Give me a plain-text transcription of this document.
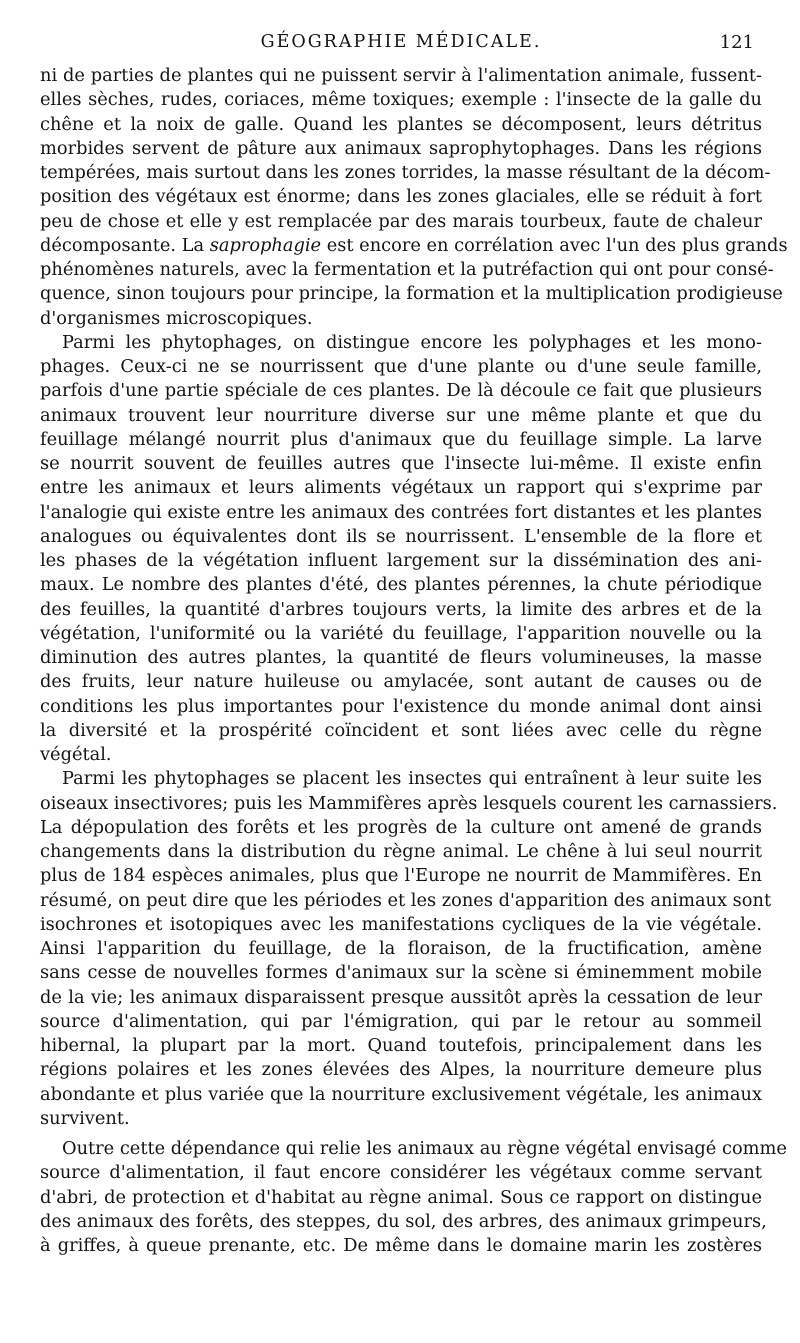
GÉOGRAPHIE MÉDICALE.	121
ni de parties de plantes qui ne puissent servir à l'alimentation animale, fussent-
elles sèches, rudes, coriaces, même toxiques; exemple : l'insecte de la galle du
chêne et la noix de galle. Quand les plantes se décomposent, leurs détritus
morbides servent de pâture aux animaux saprophytophages. Dans les régions
tempérées, mais surtout dans les zones torrides, la masse résultant de la décom-
position des végétaux est énorme; dans les zones glaciales, elle se réduit à fort
peu de chose et elle y est remplacée par des marais tourbeux, faute de chaleur
décomposante. La saprophagie est encore en corrélation avec l'un des plus grands
phénomènes naturels, avec la fermentation et la putréfaction qui ont pour consé-
quence, sinon toujours pour principe, la formation et la multiplication prodigieuse
d'organismes microscopiques.
Parmi les phytophages, on distingue encore les polyphages et les mono-
phages. Ceux-ci ne se nourrissent que d'une plante ou d'une seule famille,
parfois d'une partie spéciale de ces plantes. De là découle ce fait que plusieurs
animaux trouvent leur nourriture diverse sur une même plante et que du
feuillage mélangé nourrit plus d'animaux que du feuillage simple. La larve
se nourrit souvent de feuilles autres que l'insecte lui-même. Il existe enfin
entre les animaux et leurs aliments végétaux un rapport qui s'exprime par
l'analogie qui existe entre les animaux des contrées fort distantes et les plantes
analogues ou équivalentes dont ils se nourrissent. L'ensemble de la flore et
les phases de la végétation influent largement sur la dissémination des ani-
maux. Le nombre des plantes d'été, des plantes pérennes, la chute périodique
des feuilles, la quantité d'arbres toujours verts, la limite des arbres et de la
végétation, l'uniformité ou la variété du feuillage, l'apparition nouvelle ou la
diminution des autres plantes, la quantité de fleurs volumineuses, la masse
des fruits, leur nature huileuse ou amylacée, sont autant de causes ou de
conditions les plus importantes pour l'existence du monde animal dont ainsi
la diversité et la prospérité coïncident et sont liées avec celle du règne
végétal.
Parmi les phytophages se placent les insectes qui entraînent à leur suite les
oiseaux insectivores; puis les Mammifères après lesquels courent les carnassiers.
La dépopulation des forêts et les progrès de la culture ont amené de grands
changements dans la distribution du règne animal. Le chêne à lui seul nourrit
plus de 184 espèces animales, plus que l'Europe ne nourrit de Mammifères. En
résumé, on peut dire que les périodes et les zones d'apparition des animaux sont
isochrones et isotopiques avec les manifestations cycliques de la vie végétale.
Ainsi l'apparition du feuillage, de la floraison, de la fructification, amène
sans cesse de nouvelles formes d'animaux sur la scène si éminemment mobile
de la vie; les animaux disparaissent presque aussitôt après la cessation de leur
source d'alimentation, qui par l'émigration, qui par le retour au sommeil
hibernal, la plupart par la mort. Quand toutefois, principalement dans les
régions polaires et les zones élevées des Alpes, la nourriture demeure plus
abondante et plus variée que la nourriture exclusivement végétale, les animaux
survivent.
Outre cette dépendance qui relie les animaux au règne végétal envisagé comme
source d'alimentation, il faut encore considérer les végétaux comme servant
d'abri, de protection et d'habitat au règne animal. Sous ce rapport on distingue
des animaux des forêts, des steppes, du sol, des arbres, des animaux grimpeurs,
à griffes, à queue prenante, etc. De même dans le domaine marin les zostères
